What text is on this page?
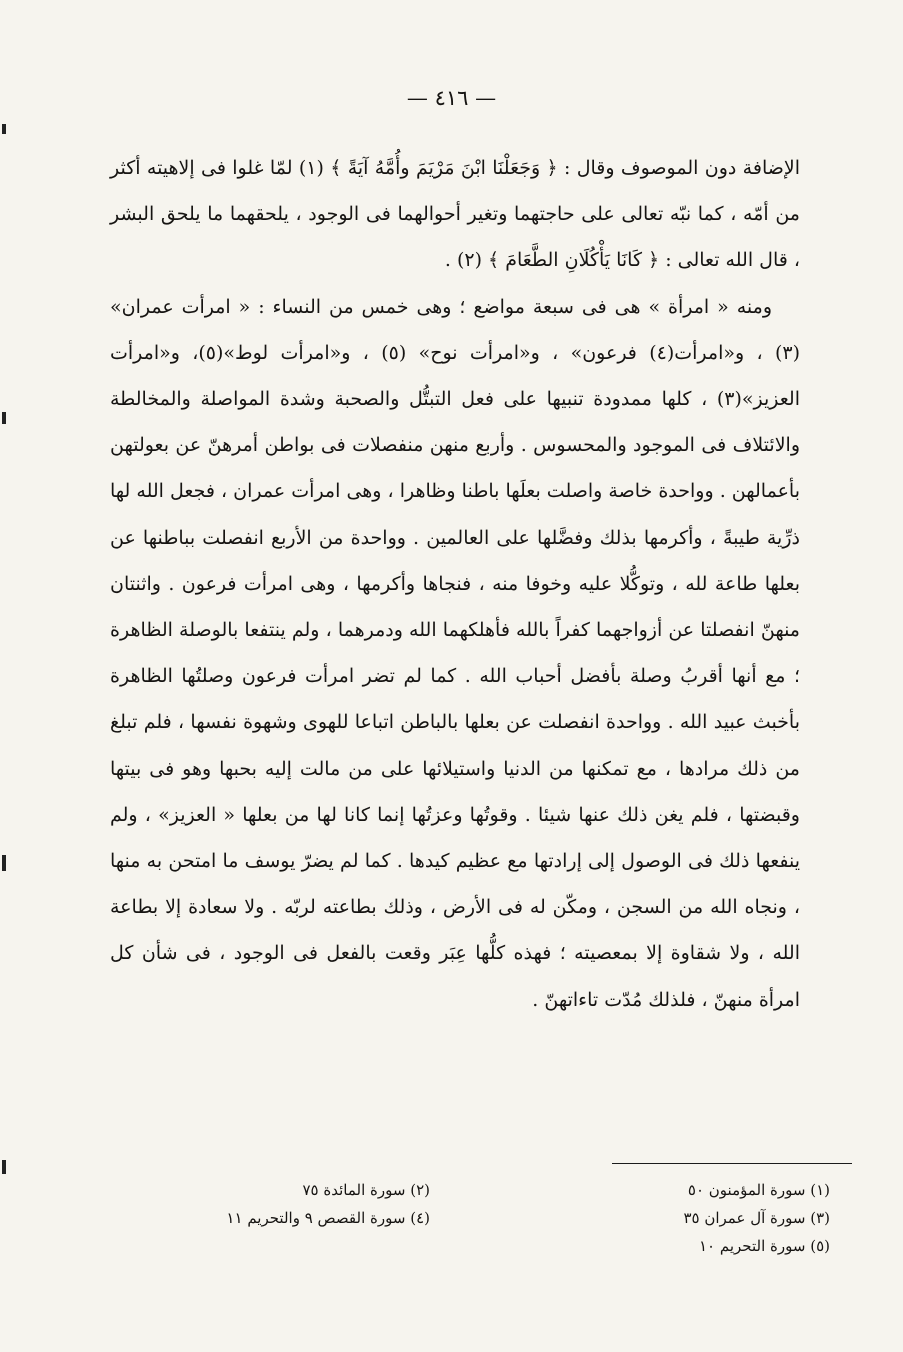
— ٤١٦ —

الإضافة دون الموصوف وقال : ﴿ وَجَعَلْنَا ابْنَ مَرْيَمَ وأُمَّهُ آيَةً ﴾ (١) لمّا غلوا فى إلاهيته أكثر من أمّه ، كما نبّه تعالى على حاجتهما وتغير أحوالهما فى الوجود ، يلحقهما ما يلحق البشر ، قال الله تعالى : ﴿ كَانَا يَأْكُلَانِ الطَّعَامَ ﴾ (٢) .

ومنه « امرأة » هى فى سبعة مواضع ؛ وهى خمس من النساء : « امرأت عمران» (٣) ، و«امرأت(٤) فرعون» ، و«امرأت نوح» (٥) ، و«امرأت لوط»(٥)، و«امرأت العزيز»(٣) ، كلها ممدودة تنبيها على فعل التبتُّل والصحبة وشدة المواصلة والمخالطة والائتلاف فى الموجود والمحسوس . وأربع منهن منفصلات فى بواطن أمرهنّ عن بعولتهن بأعمالهن . وواحدة خاصة واصلت بعلَها باطنا وظاهرا ، وهى امرأت عمران ، فجعل الله لها ذرِّية طيبةً ، وأكرمها بذلك وفضَّلها على العالمين . وواحدة من الأربع انفصلت بباطنها عن بعلها طاعة لله ، وتوكُّلا عليه وخوفا منه ، فنجاها وأكرمها ، وهى امرأت فرعون . واثنتان منهنّ انفصلتا عن أزواجهما كفراً بالله فأهلكهما الله ودمرهما ، ولم ينتفعا بالوصلة الظاهرة ؛ مع أنها أقربُ وصلة بأفضل أحباب الله . كما لم تضر امرأت فرعون وصلتُها الظاهرة بأخبث عبيد الله . وواحدة انفصلت عن بعلها بالباطن اتباعا للهوى وشهوة نفسها ، فلم تبلغ من ذلك مرادها ، مع تمكنها من الدنيا واستيلائها على من مالت إليه بحبها وهو فى بيتها وقبضتها ، فلم يغن ذلك عنها شيئا . وقوتُها وعزتُها إنما كانا لها من بعلها « العزيز» ، ولم ينفعها ذلك فى الوصول إلى إرادتها مع عظيم كيدها . كما لم يضرّ يوسف ما امتحن به منها ، ونجاه الله من السجن ، ومكّن له فى الأرض ، وذلك بطاعته لربّه . ولا سعادة إلا بطاعة الله ، ولا شقاوة إلا بمعصيته ؛ فهذه كلُّها عِبَر وقعت بالفعل فى الوجود ، فى شأن كل امرأة منهنّ ، فلذلك مُدّت تاءاتهنّ .

(١) سورة المؤمنون ٥٠
(٣) سورة آل عمران ٣٥
(٥) سورة التحريم ١٠
(٢) سورة المائدة ٧٥
(٤) سورة القصص ٩ والتحريم ١١
